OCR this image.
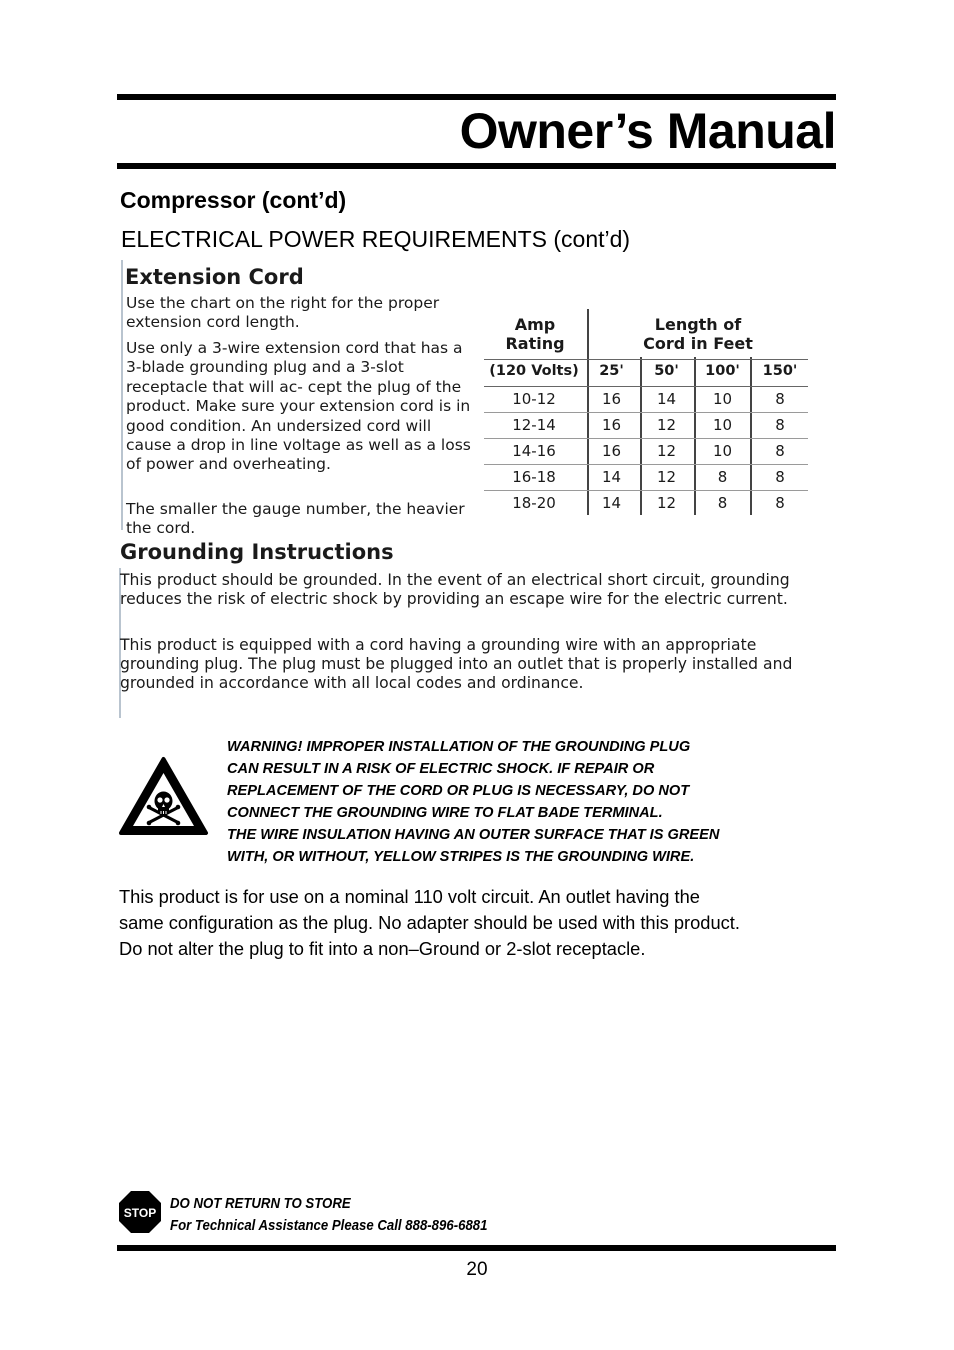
Owner’s Manual
Compressor (cont’d)
ELECTRICAL POWER REQUIREMENTS (cont’d)
Extension Cord

Use the chart on the right for the proper extension cord length.

Use only a 3-wire extension cord that has a 3-blade grounding plug and a 3-slot receptacle that will ac- cept the plug of the product. Make sure your extension cord is in good condition. An undersized cord will cause a drop in line voltage as well as a loss of power and overheating.

The smaller the gauge number, the heavier the cord.

Amp
Rating
Length of
Cord in Feet
(120 Volts)	25'	50'	100'	150'
10-12	16	14	10	8
12-14	16	12	10	8
14-16	16	12	10	8
16-18	14	12	8	8
18-20	14	12	8	8
Grounding Instructions

This product should be grounded. In the event of an electrical short circuit, grounding reduces the risk of electric shock by providing an escape wire for the electric current.

This product is equipped with a cord having a grounding wire with an appropriate grounding plug. The plug must be plugged into an outlet that is properly installed and grounded in accordance with all local codes and ordinance.

WARNING! IMPROPER INSTALLATION OF THE GROUNDING PLUG
CAN RESULT IN A RISK OF ELECTRIC SHOCK. IF REPAIR OR
REPLACEMENT OF THE CORD OR PLUG IS NECESSARY, DO NOT
CONNECT THE GROUNDING WIRE TO FLAT BADE TERMINAL.
THE WIRE INSULATION HAVING AN OUTER SURFACE THAT IS GREEN
WITH, OR WITHOUT, YELLOW STRIPES IS THE GROUNDING WIRE.

This product is for use on a nominal 110 volt circuit. An outlet having the
same configuration as the plug. No adapter should be used with this product.
Do not alter the plug to fit into a non–Ground or 2-slot receptacle.

STOP
DO NOT RETURN TO STORE
For Technical Assistance Please Call 888-896-6881
20
